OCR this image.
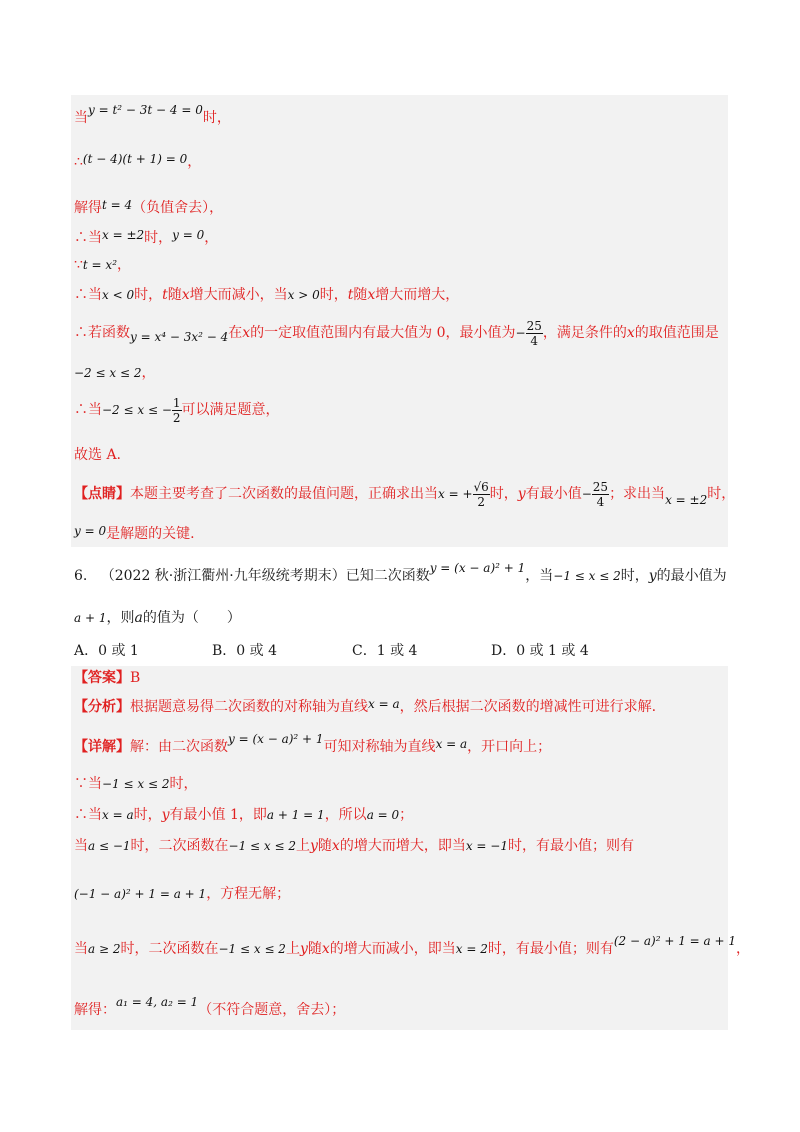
当y = t² − 3t − 4 = 0时，
∴(t − 4)(t + 1) = 0，
解得t = 4（负值舍去），
∴当x = ±2时，y = 0，
∵t = x²，
∴当x < 0时，t随x增大而减小，当x > 0时，t随x增大而增大，
∴若函数y = x⁴ − 3x² − 4在x的一定取值范围内有最大值为 0，最小值为− $\frac{25}{4}$ ，满足条件的x的取值范围是
−2 ≤ x ≤ 2，
∴当−2 ≤ x ≤ − $\frac{1}{2}$ 可以满足题意，
故选 A.
【点睛】本题主要考查了二次函数的最值问题，正确求出当x = + $\frac{√6}{2}$ 时，y有最小值− $\frac{25}{4}$ ；求出当x = ±2时，
y = 0是解题的关键.
6. （2022 秋·浙江衢州·九年级统考期末）已知二次函数y = (x − a)² + 1，当−1 ≤ x ≤ 2时，y的最小值为
a + 1，则a的值为（　　）
A．0 或 1	B．0 或 4	C．1 或 4	D．0 或 1 或 4
【答案】B
【分析】根据题意易得二次函数的对称轴为直线x = a，然后根据二次函数的增减性可进行求解.
【详解】解：由二次函数y = (x − a)² + 1可知对称轴为直线x = a，开口向上；
∵当−1 ≤ x ≤ 2时，
∴当x = a时，y有最小值 1，即a + 1 = 1，所以a = 0；
当a ≤ −1时，二次函数在−1 ≤ x ≤ 2上y随x的增大而增大，即当x = −1时，有最小值；则有
(−1 − a)² + 1 = a + 1，方程无解；
当a ≥ 2时，二次函数在−1 ≤ x ≤ 2上y随x的增大而减小，即当x = 2时，有最小值；则有(2 − a)² + 1 = a + 1，
解得：a₁ = 4, a₂ = 1（不符合题意，舍去）；
